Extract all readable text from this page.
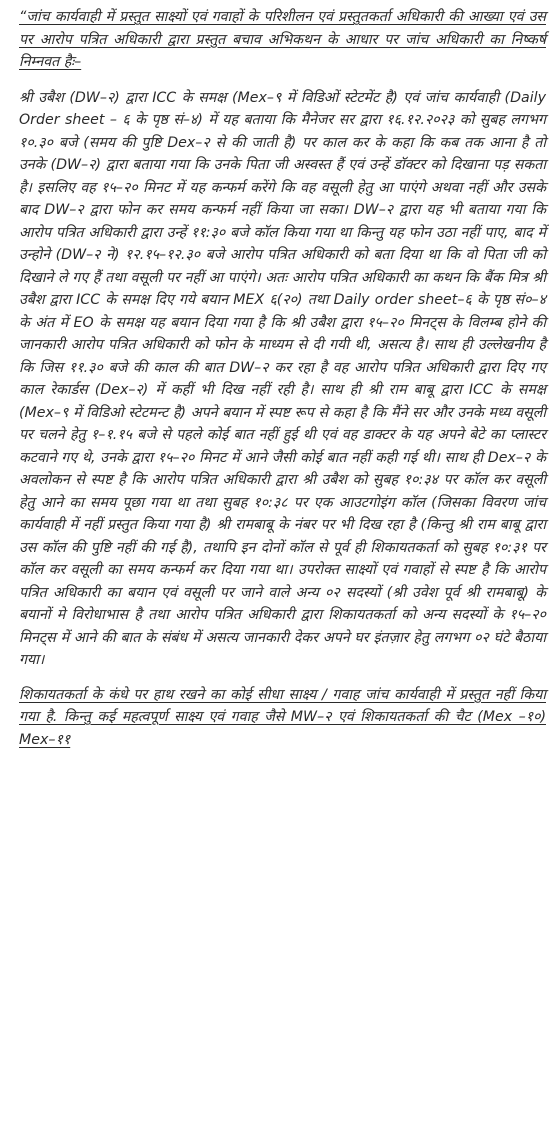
“जांच कार्यवाही में प्रस्तुत साक्ष्यों एवं गवाहों के परिशीलन एवं प्रस्तुतकर्ता अधिकारी की आख्या एवं उस पर आरोप पत्रित अधिकारी द्वारा प्रस्तुत बचाव अभिकथन के आधार पर जांच अधिकारी का निष्कर्ष निम्नवत हैः–

श्री उबैश (DW–२) द्वारा ICC के समक्ष (Mex–९ में विडिओं स्टेटमेंट है) एवं जांच कार्यवाही (Daily Order sheet – ६ के पृष्ठ सं–४) में यह बताया कि मैनेजर सर द्वारा १६.१२.२०२३ को सुबह लगभग १०.३० बजे (समय की पुष्टि Dex–२ से की जाती है) पर काल कर के कहा कि कब तक आना है तो उनके (DW–२) द्वारा बताया गया कि उनके पिता जी अस्वस्त हैं एवं उन्हें डॉक्टर को दिखाना पड़ सकता है। इसलिए वह १५–२० मिनट में यह कन्फर्म करेंगे कि वह वसूली हेतु आ पाएंगे अथवा नहीं और उसके बाद DW–२ द्वारा फोन कर समय कन्फर्म नहीं किया जा सका। DW–२ द्वारा यह भी बताया गया कि आरोप पत्रित अधिकारी द्वारा उन्हें ११:३० बजे कॉल किया गया था किन्तु यह फोन उठा नहीं पाए, बाद में उन्होने (DW–२ ने) १२.१५–१२.३० बजे आरोप पत्रित अधिकारी को बता दिया था कि वो पिता जी को दिखाने ले गए हैं तथा वसूली पर नहीं आ पाएंगे। अतः आरोप पत्रित अधिकारी का कथन कि बैंक मित्र श्री उबैश द्वारा ICC के समक्ष दिए गये बयान MEX ६(२०) तथा Daily order sheet–६ के पृष्ठ सं०–४ के अंत में EO के समक्ष यह बयान दिया गया है कि श्री उबैश द्वारा १५–२० मिनट्स के विलम्ब होने की जानकारी आरोप पत्रित अधिकारी को फोन के माध्यम से दी गयी थी, असत्य है। साथ ही उल्लेखनीय है कि जिस ११.३० बजे की काल की बात DW–२ कर रहा है वह आरोप पत्रित अधिकारी द्वारा दिए गए काल रेकार्डस (Dex–२) में कहीं भी दिख नहीं रही है। साथ ही श्री राम बाबू द्वारा ICC के समक्ष (Mex–९ में विडिओ स्टेटमन्ट है) अपने बयान में स्पष्ट रूप से कहा है कि मैंने सर और उनके मध्य वसूली पर चलने हेतु १–१.१५ बजे से पहले कोई बात नहीं हुई थी एवं वह डाक्टर के यह अपने बेटे का प्लास्टर कटवाने गए थे, उनके द्वारा १५–२० मिनट में आने जैसी कोई बात नहीं कही गई थी। साथ ही Dex–२ के अवलोकन से स्पष्ट है कि आरोप पत्रित अधिकारी द्वारा श्री उबैश को सुबह १०:३४ पर कॉल कर वसूली हेतु आने का समय पूछा गया था तथा सुबह १०:३८ पर एक आउटगोइंग कॉल (जिसका विवरण जांच कार्यवाही में नहीं प्रस्तुत किया गया है) श्री रामबाबू के नंबर पर भी दिख रहा है (किन्तु श्री राम बाबू द्वारा उस कॉल की पुष्टि नहीं की गई है), तथापि इन दोनों कॉल से पूर्व ही शिकायतकर्ता को सुबह १०:३१ पर कॉल कर वसूली का समय कन्फर्म कर दिया गया था। उपरोक्त साक्ष्यों एवं गवाहों से स्पष्ट है कि आरोप पत्रित अधिकारी का बयान एवं वसूली पर जाने वाले अन्य ०२ सदस्यों (श्री उवेश पूर्व श्री रामबाबू) के बयानों मे विरोधाभास है तथा आरोप पत्रित अधिकारी द्वारा शिकायतकर्ता को अन्य सदस्यों के १५–२० मिनट्स में आने की बात के संबंध में असत्य जानकारी देकर अपने घर इंतज़ार हेतु लगभग ०२ घंटे बैठाया गया।

शिकायतकर्ता के कंधे पर हाथ रखने का कोई सीधा साक्ष्य / गवाह जांच कार्यवाही में प्रस्तुत नहीं किया गया है. किन्तु कई महत्वपूर्ण साक्ष्य एवं गवाह जैसे MW–२ एवं शिकायतकर्ता की चैट (Mex –१०) Mex–११
